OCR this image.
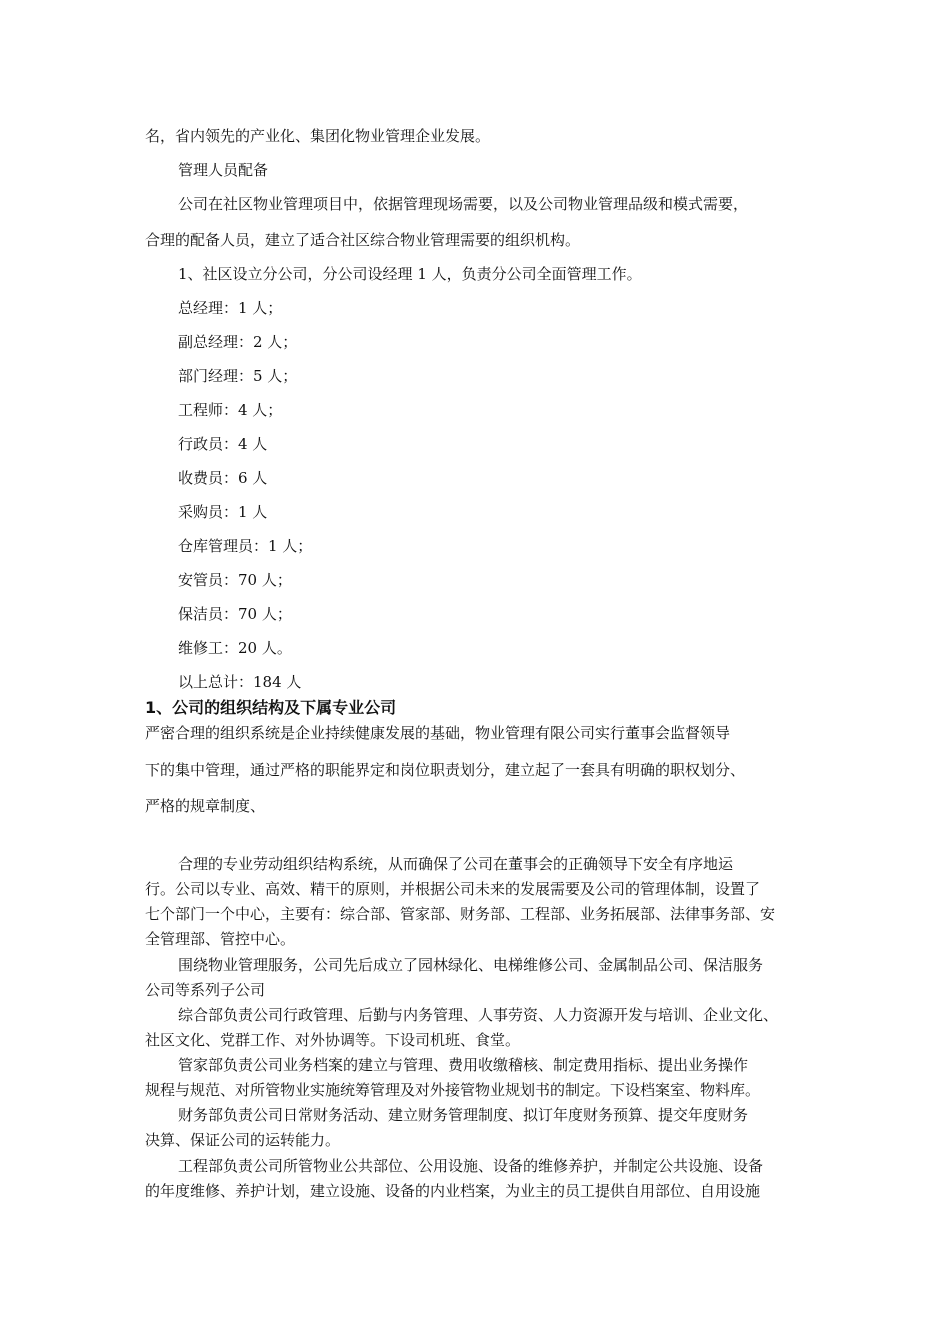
名，省内领先的产业化、集团化物业管理企业发展。
管理人员配备
公司在社区物业管理项目中，依据管理现场需要，以及公司物业管理品级和模式需要，
合理的配备人员，建立了适合社区综合物业管理需要的组织机构。
1、社区设立分公司，分公司设经理 1 人，负责分公司全面管理工作。
总经理：1 人；
副总经理：2 人；
部门经理：5 人；
工程师：4 人；
行政员：4 人
收费员：6 人
采购员：1 人
仓库管理员：1 人；
安管员：70 人；
保洁员：70 人；
维修工：20 人。
以上总计：184 人
1、公司的组织结构及下属专业公司
严密合理的组织系统是企业持续健康发展的基础，物业管理有限公司实行董事会监督领导
下的集中管理，通过严格的职能界定和岗位职责划分，建立起了一套具有明确的职权划分、
严格的规章制度、
合理的专业劳动组织结构系统，从而确保了公司在董事会的正确领导下安全有序地运
行。公司以专业、高效、精干的原则，并根据公司未来的发展需要及公司的管理体制，设置了
七个部门一个中心，主要有：综合部、管家部、财务部、工程部、业务拓展部、法律事务部、安
全管理部、管控中心。
围绕物业管理服务，公司先后成立了园林绿化、电梯维修公司、金属制品公司、保洁服务
公司等系列子公司
综合部负责公司行政管理、后勤与内务管理、人事劳资、人力资源开发与培训、企业文化、
社区文化、党群工作、对外协调等。下设司机班、食堂。
管家部负责公司业务档案的建立与管理、费用收缴稽核、制定费用指标、提出业务操作
规程与规范、对所管物业实施统筹管理及对外接管物业规划书的制定。下设档案室、物料库。
财务部负责公司日常财务活动、建立财务管理制度、拟订年度财务预算、提交年度财务
决算、保证公司的运转能力。
工程部负责公司所管物业公共部位、公用设施、设备的维修养护，并制定公共设施、设备
的年度维修、养护计划，建立设施、设备的内业档案，为业主的员工提供自用部位、自用设施
